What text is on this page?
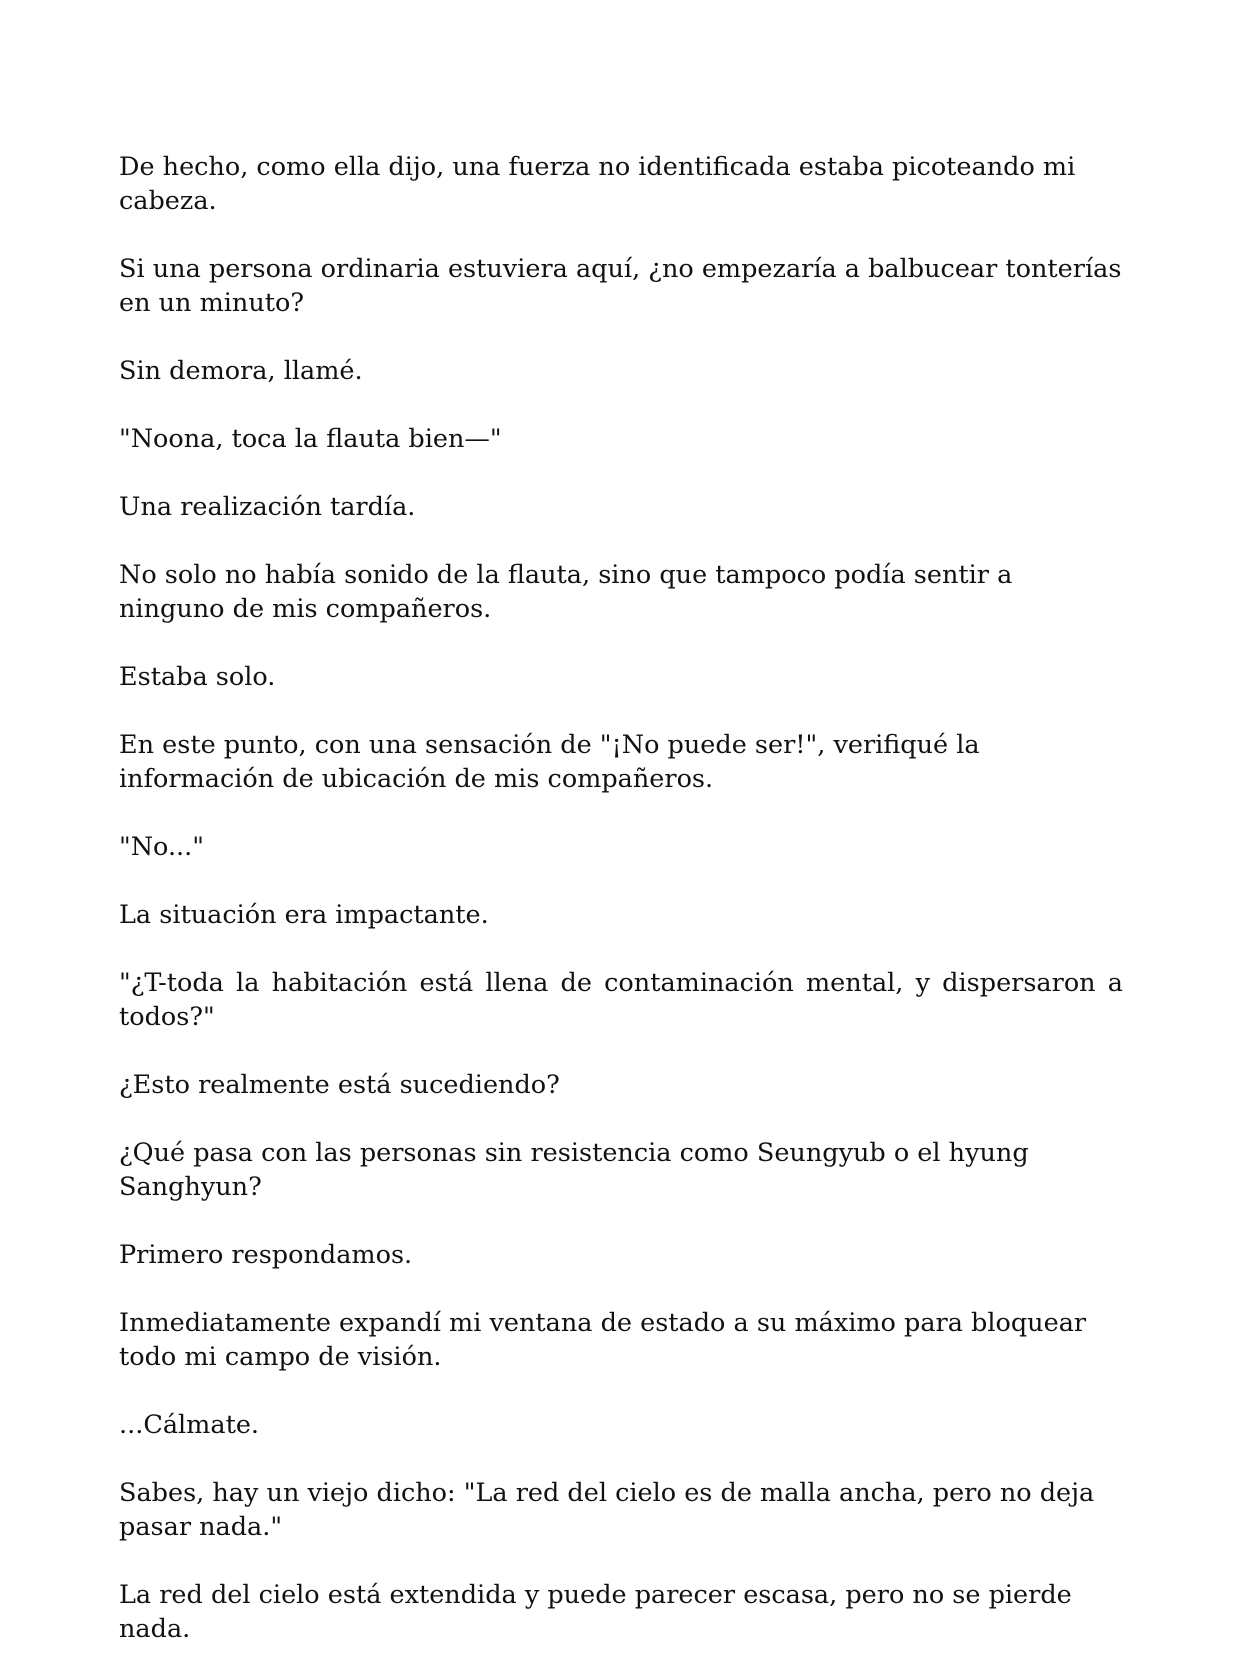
De hecho, como ella dijo, una fuerza no identificada estaba picoteando mi cabeza.

Si una persona ordinaria estuviera aquí, ¿no empezaría a balbucear tonterías en un minuto?

Sin demora, llamé.

"Noona, toca la flauta bien—"

Una realización tardía.

No solo no había sonido de la flauta, sino que tampoco podía sentir a ninguno de mis compañeros.

Estaba solo.

En este punto, con una sensación de "¡No puede ser!", verifiqué la información de ubicación de mis compañeros.

"No..."

La situación era impactante.

"¿T-toda la habitación está llena de contaminación mental, y dispersaron a todos?"

¿Esto realmente está sucediendo?

¿Qué pasa con las personas sin resistencia como Seungyub o el hyung Sanghyun?

Primero respondamos.

Inmediatamente expandí mi ventana de estado a su máximo para bloquear todo mi campo de visión.

...Cálmate.

Sabes, hay un viejo dicho: "La red del cielo es de malla ancha, pero no deja pasar nada."

La red del cielo está extendida y puede parecer escasa, pero no se pierde nada.
